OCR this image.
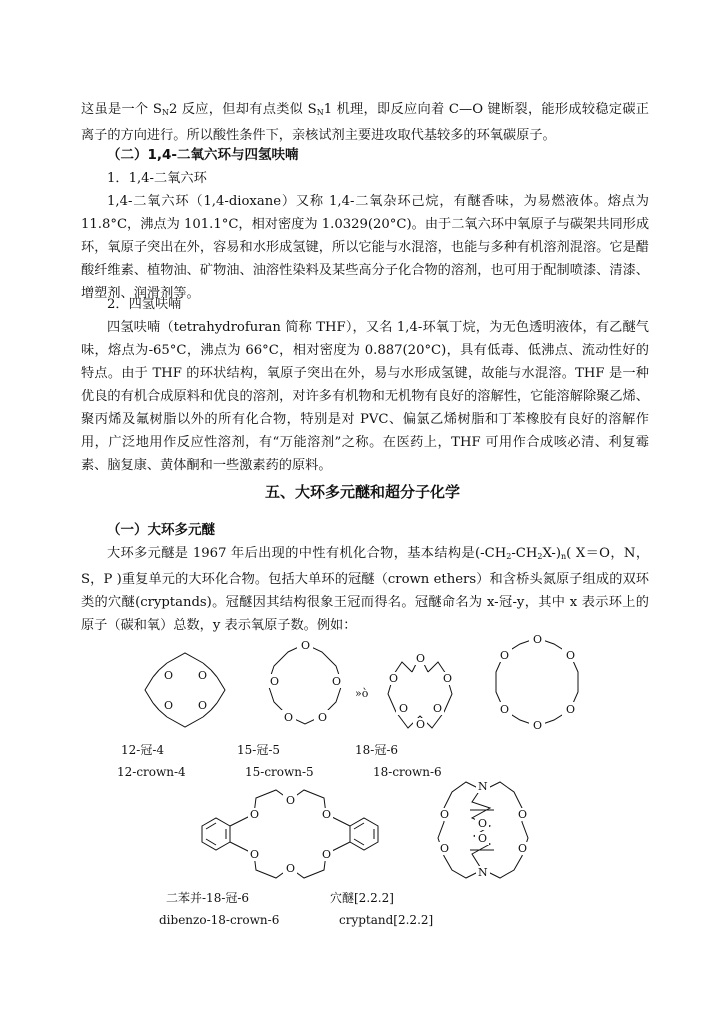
这虽是一个 $S_N2$ 反应，但却有点类似 $S_N1$ 机理，即反应向着 C—O 键断裂，能形成较稳定碳正离子的方向进行。所以酸性条件下，亲核试剂主要进攻取代基较多的环氧碳原子。

（二）1,4-二氧六环与四氢呋喃

1．1,4-二氧六环

1,4-二氧六环（1,4-dioxane）又称 1,4-二氧杂环己烷，有醚香味，为易燃液体。熔点为11.8°C，沸点为 101.1°C，相对密度为 1.0329(20°C)。由于二氧六环中氧原子与碳架共同形成环，氧原子突出在外，容易和水形成氢键，所以它能与水混溶，也能与多种有机溶剂混溶。它是醋酸纤维素、植物油、矿物油、油溶性染料及某些高分子化合物的溶剂，也可用于配制喷漆、清漆、增塑剂、润滑剂等。

2．四氢呋喃

四氢呋喃（tetrahydrofuran 简称 THF），又名 1,4-环氧丁烷，为无色透明液体，有乙醚气味，熔点为-65°C，沸点为 66°C，相对密度为 0.887(20°C)，具有低毒、低沸点、流动性好的特点。由于 THF 的环状结构，氧原子突出在外，易与水形成氢键，故能与水混溶。THF 是一种优良的有机合成原料和优良的溶剂，对许多有机物和无机物有良好的溶解性，它能溶解除聚乙烯、聚丙烯及氟树脂以外的所有化合物，特别是对 PVC、偏氯乙烯树脂和丁苯橡胶有良好的溶解作用，广泛地用作反应性溶剂，有“万能溶剂”之称。在医药上，THF 可用作合成咳必清、利复霉素、脑复康、黄体酮和一些激素药的原料。

五、大环多元醚和超分子化学

（一）大环多元醚

大环多元醚是 1967 年后出现的中性有机化合物，基本结构是$(-CH_2-CH_2X-)_n$( X＝O，N，S，P )重复单元的大环化合物。包括大单环的冠醚（crown ethers）和含桥头氮原子组成的双环类的穴醚(cryptands)。冠醚因其结构很象王冠而得名。冠醚命名为 x-冠-y，其中 x 表示环上的原子（碳和氧）总数，y 表示氧原子数。例如：

O O
O O
O
O
O
O
O
»ò
O
O
O
O O
O
O
O
O
O
O
O
12-冠-4
12-crown-4
15-冠-5
15-crown-5
18-冠-6
18-crown-6
O
O
O
O
O
O
N
N
O
O
O
O
O
O
二苯并-18-冠-6
dibenzo-18-crown-6
穴醚[2.2.2]
cryptand[2.2.2]
